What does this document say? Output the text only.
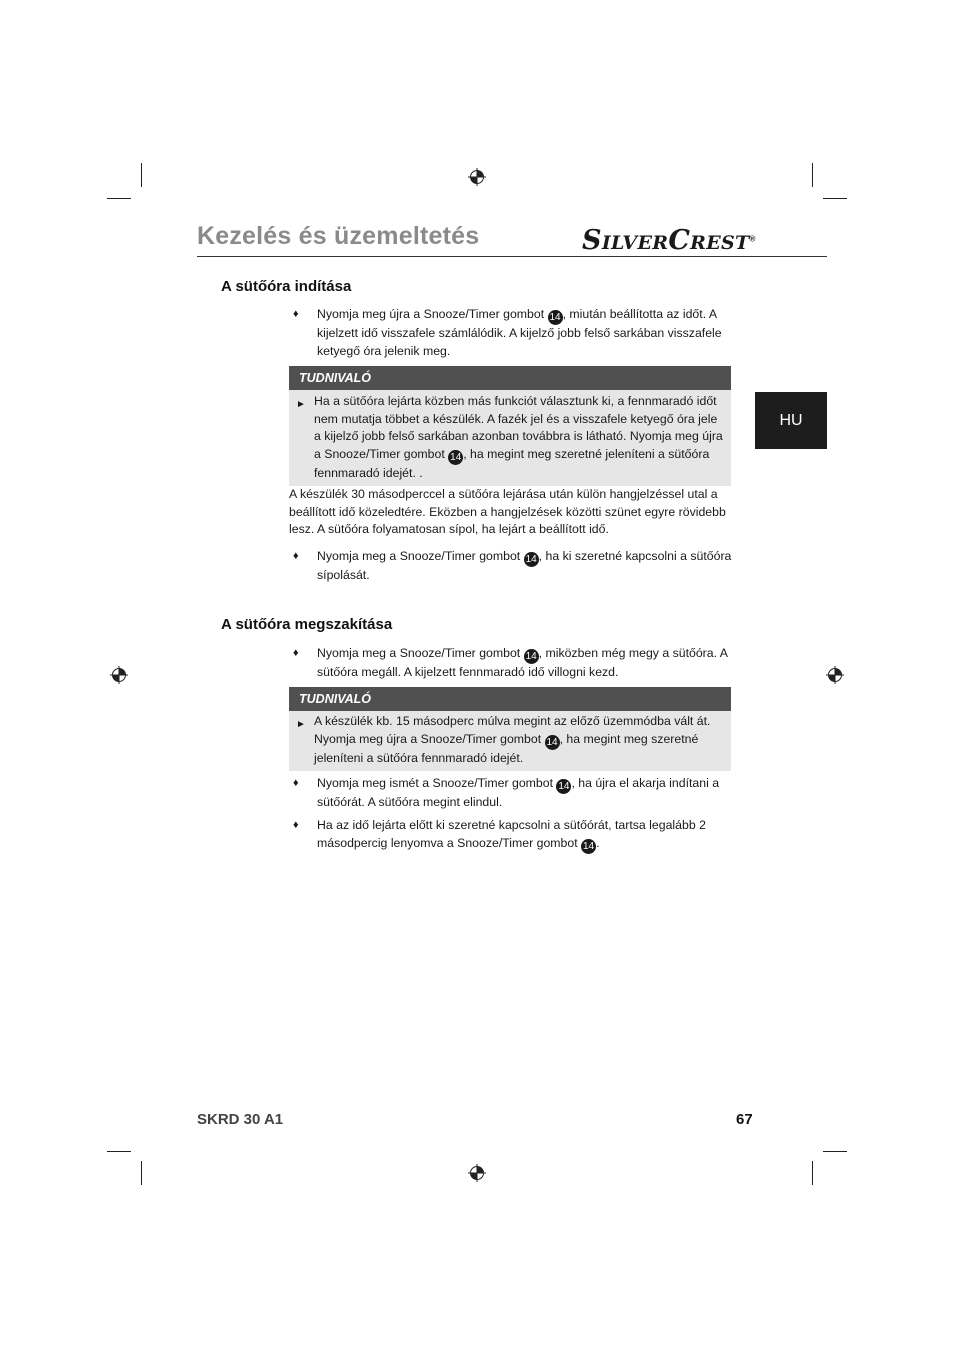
Kezelés és üzemeltetés	SILVERCREST®
HU
A sütőóra indítása
♦ Nyomja meg újra a Snooze/Timer gombot 14 , miután beállította az időt. A kijelzett idő visszafele számlálódik. A kijelző jobb felső sarkában visszafele ketyegő óra jelenik meg.
TUDNIVALÓ
► Ha a sütőóra lejárta közben más funkciót választunk ki, a fennmaradó időt nem mutatja többet a készülék. A fazék jel és a visszafele ketyegő óra jele a kijelző jobb felső sarkában azonban továbbra is látható. Nyomja meg újra a Snooze/Timer gombot 14 , ha megint meg szeretné jeleníteni a sütőóra fennmaradó idejét. .
A készülék 30 másodperccel a sütőóra lejárása után külön hangjelzéssel utal a beállított idő közeledtére. Eközben a hangjelzések közötti szünet egyre rövidebb lesz. A sütőóra folyamatosan sípol, ha lejárt a beállított idő.
♦ Nyomja meg a Snooze/Timer gombot 14 , ha ki szeretné kapcsolni a sütőóra sípolását.
A sütőóra megszakítása
♦ Nyomja meg a Snooze/Timer gombot 14 , miközben még megy a sütőóra. A sütőóra megáll. A kijelzett fennmaradó idő villogni kezd.
TUDNIVALÓ
► A készülék kb. 15 másodperc múlva megint az előző üzemmódba vált át. Nyomja meg újra a Snooze/Timer gombot 14 , ha megint meg szeretné jeleníteni a sütőóra fennmaradó idejét.
♦ Nyomja meg ismét a Snooze/Timer gombot 14 , ha újra el akarja indítani a sütőórát. A sütőóra megint elindul.
♦ Ha az idő lejárta előtt ki szeretné kapcsolni a sütőórát, tartsa legalább 2 másodpercig lenyomva a Snooze/Timer gombot 14 .
SKRD 30 A1	67
